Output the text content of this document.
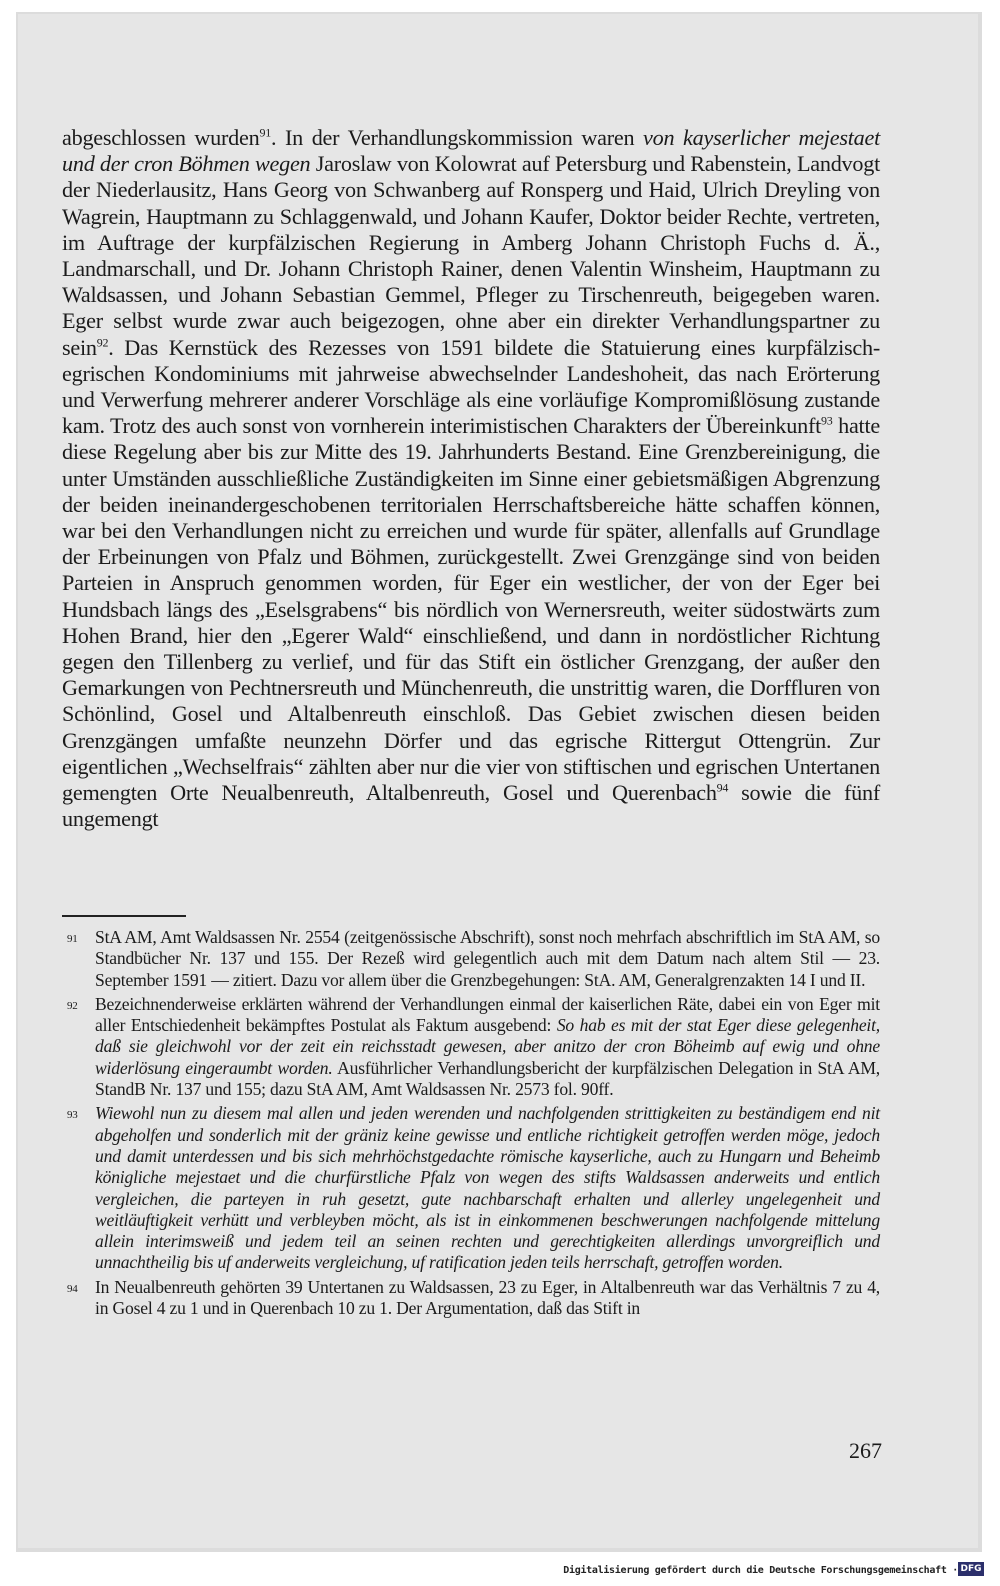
abgeschlossen wurden$^{91}$. In der Verhandlungskommission waren von kayserlicher mejestaet und der cron Böhmen wegen Jaroslaw von Kolowrat auf Petersburg und Rabenstein, Landvogt der Niederlausitz, Hans Georg von Schwanberg auf Ronsperg und Haid, Ulrich Dreyling von Wagrein, Hauptmann zu Schlaggenwald, und Johann Kaufer, Doktor beider Rechte, vertreten, im Auftrage der kurpfälzischen Regierung in Amberg Johann Christoph Fuchs d. Ä., Landmarschall, und Dr. Johann Christoph Rainer, denen Valentin Winsheim, Hauptmann zu Waldsassen, und Johann Sebastian Gemmel, Pfleger zu Tirschenreuth, beigegeben waren. Eger selbst wurde zwar auch beigezogen, ohne aber ein direkter Verhandlungspartner zu sein$^{92}$. Das Kernstück des Rezesses von 1591 bildete die Statuierung eines kurpfälzisch-egrischen Kondominiums mit jahrweise abwechselnder Landeshoheit, das nach Erörterung und Verwerfung mehrerer anderer Vorschläge als eine vorläufige Kompromißlösung zustande kam. Trotz des auch sonst von vornherein interimistischen Charakters der Übereinkunft$^{93}$ hatte diese Regelung aber bis zur Mitte des 19. Jahrhunderts Bestand. Eine Grenzbereinigung, die unter Umständen ausschließliche Zuständigkeiten im Sinne einer gebietsmäßigen Abgrenzung der beiden ineinandergeschobenen territorialen Herrschaftsbereiche hätte schaffen können, war bei den Verhandlungen nicht zu erreichen und wurde für später, allenfalls auf Grundlage der Erbeinungen von Pfalz und Böhmen, zurückgestellt. Zwei Grenzgänge sind von beiden Parteien in Anspruch genommen worden, für Eger ein westlicher, der von der Eger bei Hundsbach längs des „Eselsgrabens“ bis nördlich von Wernersreuth, weiter südostwärts zum Hohen Brand, hier den „Egerer Wald“ einschließend, und dann in nordöstlicher Richtung gegen den Tillenberg zu verlief, und für das Stift ein östlicher Grenzgang, der außer den Gemarkungen von Pechtnersreuth und Münchenreuth, die unstrittig waren, die Dorffluren von Schönlind, Gosel und Altalbenreuth einschloß. Das Gebiet zwischen diesen beiden Grenzgängen umfaßte neunzehn Dörfer und das egrische Rittergut Ottengrün. Zur eigentlichen „Wechselfrais“ zählten aber nur die vier von stiftischen und egrischen Untertanen gemengten Orte Neualbenreuth, Altalbenreuth, Gosel und Querenbach$^{94}$ sowie die fünf ungemengt

91 StA AM, Amt Waldsassen Nr. 2554 (zeitgenössische Abschrift), sonst noch mehrfach abschriftlich im StA AM, so Standbücher Nr. 137 und 155. Der Rezeß wird gelegentlich auch mit dem Datum nach altem Stil — 23. September 1591 — zitiert. Dazu vor allem über die Grenzbegehungen: StA. AM, Generalgrenzakten 14 I und II.

92 Bezeichnenderweise erklärten während der Verhandlungen einmal der kaiserlichen Räte, dabei ein von Eger mit aller Entschiedenheit bekämpftes Postulat als Faktum ausgebend: So hab es mit der stat Eger diese gelegenheit, daß sie gleichwohl vor der zeit ein reichsstadt gewesen, aber anitzo der cron Böheimb auf ewig und ohne widerlösung eingeraumbt worden. Ausführlicher Verhandlungsbericht der kurpfälzischen Delegation in StA AM, StandB Nr. 137 und 155; dazu StA AM, Amt Waldsassen Nr. 2573 fol. 90ff.

93 Wiewohl nun zu diesem mal allen und jeden werenden und nachfolgenden strittigkeiten zu beständigem end nit abgeholfen und sonderlich mit der gräniz keine gewisse und entliche richtigkeit getroffen werden möge, jedoch und damit unterdessen und bis sich mehrhöchstgedachte römische kayserliche, auch zu Hungarn und Beheimb königliche mejestaet und die churfürstliche Pfalz von wegen des stifts Waldsassen anderweits und entlich vergleichen, die parteyen in ruh gesetzt, gute nachbarschaft erhalten und allerley ungelegenheit und weitläuftigkeit verhütt und verbleyben möcht, als ist in einkommenen beschwerungen nachfolgende mittelung allein interimsweiß und jedem teil an seinen rechten und gerechtigkeiten allerdings unvorgreiflich und unnachtheilig bis uf anderweits vergleichung, uf ratification jeden teils herrschaft, getroffen worden.

94 In Neualbenreuth gehörten 39 Untertanen zu Waldsassen, 23 zu Eger, in Altalbenreuth war das Verhältnis 7 zu 4, in Gosel 4 zu 1 und in Querenbach 10 zu 1. Der Argumentation, daß das Stift in

267
Digitalisierung gefördert durch die Deutsche Forschungsgemeinschaft · DFG
